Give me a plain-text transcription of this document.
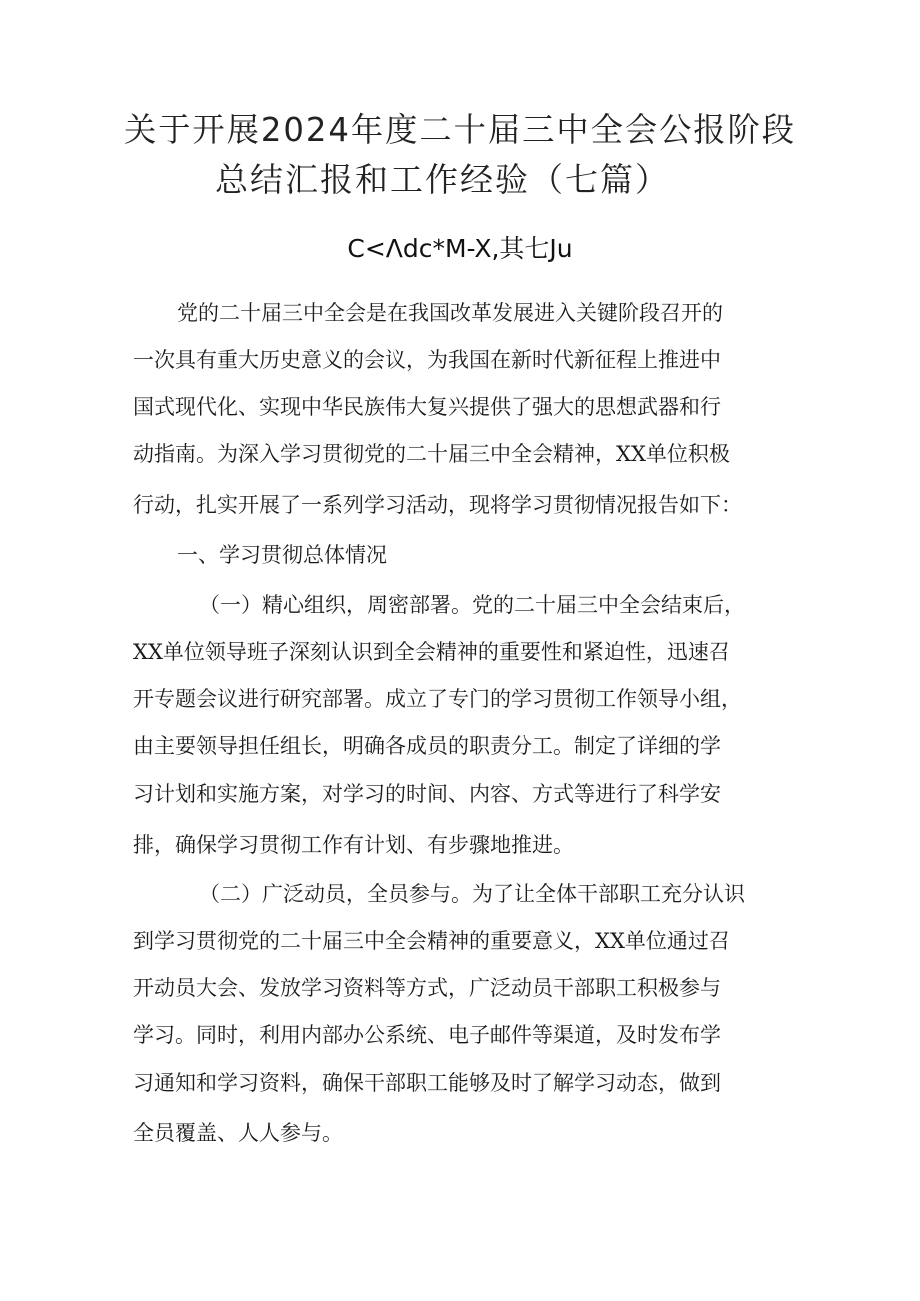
关于开展2024年度二十届三中全会公报阶段
总结汇报和工作经验（七篇）
C<Λdc*M-X,其七Ju
党的二十届三中全会是在我国改革发展进入关键阶段召开的
一次具有重大历史意义的会议，为我国在新时代新征程上推进中
国式现代化、实现中华民族伟大复兴提供了强大的思想武器和行
动指南。为深入学习贯彻党的二十届三中全会精神，XX单位积极
行动，扎实开展了一系列学习活动，现将学习贯彻情况报告如下：
一、学习贯彻总体情况
（一）精心组织，周密部署。党的二十届三中全会结束后，
XX单位领导班子深刻认识到全会精神的重要性和紧迫性，迅速召
开专题会议进行研究部署。成立了专门的学习贯彻工作领导小组，
由主要领导担任组长，明确各成员的职责分工。制定了详细的学
习计划和实施方案，对学习的时间、内容、方式等进行了科学安
排，确保学习贯彻工作有计划、有步骤地推进。
（二）广泛动员，全员参与。为了让全体干部职工充分认识
到学习贯彻党的二十届三中全会精神的重要意义，XX单位通过召
开动员大会、发放学习资料等方式，广泛动员干部职工积极参与
学习。同时，利用内部办公系统、电子邮件等渠道，及时发布学
习通知和学习资料，确保干部职工能够及时了解学习动态，做到
全员覆盖、人人参与。
